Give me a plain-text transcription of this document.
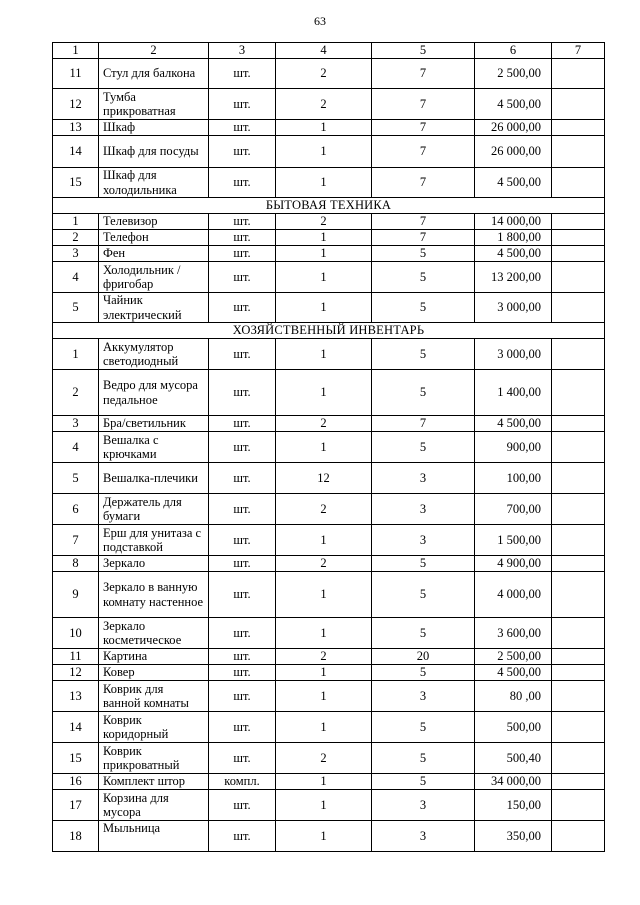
63
1	2	3	4	5	6	7
11	Стул для балкона	шт.	2	7	2 500,00	
12	Тумба прикроватная	шт.	2	7	4 500,00	
13	Шкаф	шт.	1	7	26 000,00	
14	Шкаф для посуды	шт.	1	7	26 000,00	
15	Шкаф для холодильника	шт.	1	7	4 500,00	
БЫТОВАЯ ТЕХНИКА						
1	Телевизор	шт.	2	7	14 000,00	
2	Телефон	шт.	1	7	1 800,00	
3	Фен	шт.	1	5	4 500,00	
4	Холодильник / фригобар	шт.	1	5	13 200,00	
5	Чайник электрический	шт.	1	5	3 000,00	
ХОЗЯЙСТВЕННЫЙ ИНВЕНТАРЬ						
1	Аккумулятор светодиодный	шт.	1	5	3 000,00	
2	Ведро для мусора педальное	шт.	1	5	1 400,00	
3	Бра/светильник	шт.	2	7	4 500,00	
4	Вешалка с крючками	шт.	1	5	900,00	
5	Вешалка-плечики	шт.	12	3	100,00	
6	Держатель для бумаги	шт.	2	3	700,00	
7	Ерш для унитаза с подставкой	шт.	1	3	1 500,00	
8	Зеркало	шт.	2	5	4 900,00	
9	Зеркало в ванную комнату настенное	шт.	1	5	4 000,00	
10	Зеркало косметическое	шт.	1	5	3 600,00	
11	Картина	шт.	2	20	2 500,00	
12	Ковер	шт.	1	5	4 500,00	
13	Коврик для ванной комнаты	шт.	1	3	80 ,00	
14	Коврик коридорный	шт.	1	5	500,00	
15	Коврик прикроватный	шт.	2	5	500,40	
16	Комплект штор	компл.	1	5	34 000,00	
17	Корзина для мусора	шт.	1	3	150,00	
18	Мыльница	шт.	1	3	350,00	
